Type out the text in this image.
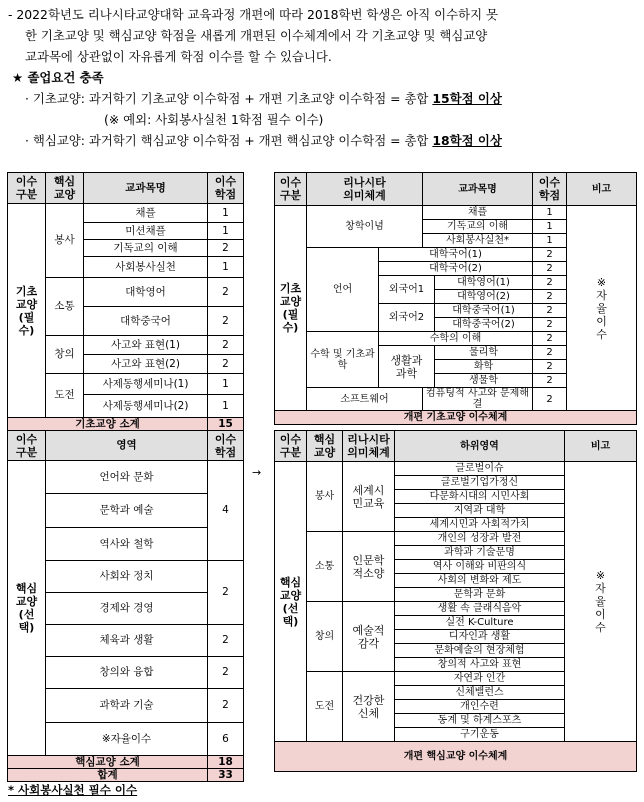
- 2022학년도 리나시타교양대학 교육과정 개편에 따라 2018학번 학생은 아직 이수하지 못

한 기초교양 및 핵심교양 학점을 새롭게 개편된 이수체계에서 각 기초교양 및 핵심교양

교과목에 상관없이 자유롭게 학점 이수를 할 수 있습니다.

★ 졸업요건 충족

· 기초교양: 과거학기 기초교양 이수학점 + 개편 기초교양 이수학점 = 총합 15학점 이상

(※ 예외: 사회봉사실천 1학점 필수 이수)

· 핵심교양: 과거학기 핵심교양 이수학점 + 개편 핵심교양 이수학점 = 총합 18학점 이상

이수구분	핵심교양	교과목명	이수학점
기초교양(필수)	봉사	채플	1
		미션채플	1
		기독교의 이해	2
		사회봉사실천	1
	소통	대학영어	2
		대학중국어	2
	창의	사고와 표현(1)	2
		사고와 표현(2)	2
	도전	사제동행세미나(1)	1
		사제동행세미나(2)	1
기초교양 소계			15
이수구분	리나시타의미체계		교과목명		이수학점	비고
기초교양(필수)	창학이념		채플		1	※자율이수
			기독교의 이해		1	
			사회봉사실천*		1	
	언어	대학국어(1)			2	
		대학국어(2)			2	
		외국어1		대학영어(1)	2	
				대학영어(2)	2	
		외국어2		대학중국어(1)	2	
				대학중국어(2)	2	
	수학 및 기초과학	수학의 이해			2	
		생활과 과학		물리학	2	
				화학	2	
				생물학	2	
	소프트웨어		컴퓨팅적 사고와 문제해결		2	
개편 기초교양 이수체계						
→
이수구분	영역	이수학점
핵심교양(선택)	언어와 문화	4
	문학과 예술	
	역사와 철학	
	사회와 정치	2
	경제와 경영	
	체육과 생활	2
	창의와 융합	2
	과학과 기술	2
	※자율이수	6
핵심교양 소계		18
합계		33
이수구분	핵심교양	리나시타의미체계	하위영역	비고
핵심교양(선택)	봉사	세계시민교육	글로벌이슈	※자율이수
			글로벌기업가정신	
			다문화시대의 시민사회	
			지역과 대학	
			세계시민과 사회적가치	
	소통	인문학적소양	개인의 성장과 발전	
			과학과 기술문명	
			역사 이해와 비판의식	
			사회의 변화와 제도	
			문학과 문화	
	창의	예술적감각	생활 속 클래식음악	
			실전 K-Culture	
			디자인과 생활	
			문화예술의 현장체험	
			창의적 사고와 표현	
	도전	건강한신체	자연과 인간	
			신체밸런스	
			개인수련	
			동계 및 하계스포츠	
			구기운동	
개편 핵심교양 이수체계				
* 사회봉사실천 필수 이수
